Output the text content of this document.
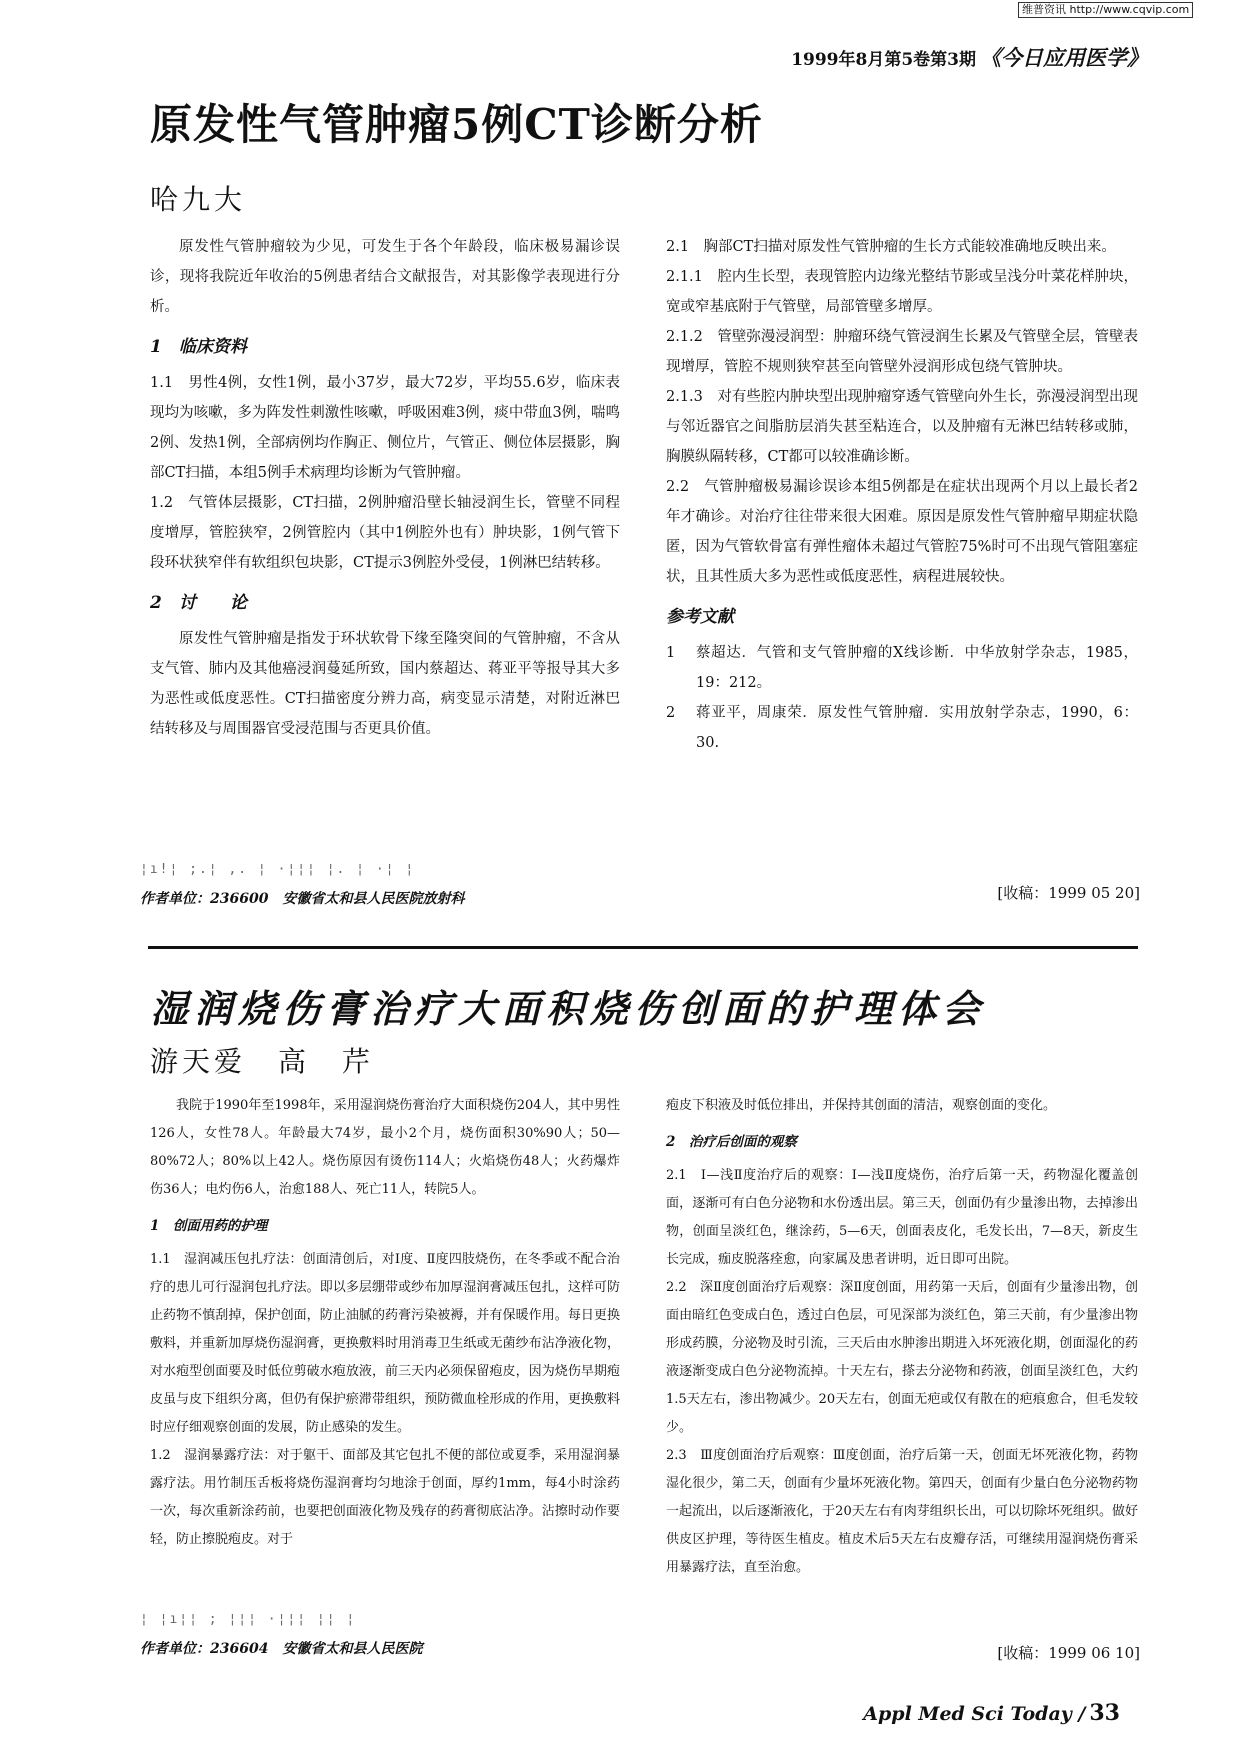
维普资讯 http://www.cqvip.com
1999年8月第5卷第3期 《今日应用医学》
原发性气管肿瘤5例CT诊断分析
哈九大

原发性气管肿瘤较为少见，可发生于各个年龄段，临床极易漏诊误诊，现将我院近年收治的5例患者结合文献报告，对其影像学表现进行分析。

1　临床资料

1.1　男性4例，女性1例，最小37岁，最大72岁，平均55.6岁，临床表现均为咳嗽，多为阵发性刺激性咳嗽，呼吸困难3例，痰中带血3例，喘鸣2例、发热1例，全部病例均作胸正、侧位片，气管正、侧位体层摄影，胸部CT扫描，本组5例手术病理均诊断为气管肿瘤。

1.2　气管体层摄影，CT扫描，2例肿瘤沿壁长轴浸润生长，管壁不同程度增厚，管腔狭窄，2例管腔内（其中1例腔外也有）肿块影，1例气管下段环状狭窄伴有软组织包块影，CT提示3例腔外受侵，1例淋巴结转移。

2　讨　　论

原发性气管肿瘤是指发于环状软骨下缘至隆突间的气管肿瘤，不含从支气管、肺内及其他癌浸润蔓延所致，国内蔡超达、蒋亚平等报导其大多为恶性或低度恶性。CT扫描密度分辨力高，病变显示清楚，对附近淋巴结转移及与周围器官受浸范围与否更具价值。

¦ı!¦ ;.¦ ,. ¦ ·¦¦¦ ¦. ¦ ·¦ ¦
作者单位：236600　安徽省太和县人民医院放射科

2.1　胸部CT扫描对原发性气管肿瘤的生长方式能较准确地反映出来。

2.1.1　腔内生长型，表现管腔内边缘光整结节影或呈浅分叶菜花样肿块，宽或窄基底附于气管壁，局部管壁多增厚。

2.1.2　管壁弥漫浸润型：肿瘤环绕气管浸润生长累及气管壁全层，管壁表现增厚，管腔不规则狭窄甚至向管壁外浸润形成包绕气管肿块。

2.1.3　对有些腔内肿块型出现肿瘤穿透气管壁向外生长，弥漫浸润型出现与邻近器官之间脂肪层消失甚至粘连合，以及肿瘤有无淋巴结转移或肺，胸膜纵隔转移，CT都可以较准确诊断。

2.2　气管肿瘤极易漏诊误诊本组5例都是在症状出现两个月以上最长者2年才确诊。对治疗往往带来很大困难。原因是原发性气管肿瘤早期症状隐匿，因为气管软骨富有弹性瘤体未超过气管腔75%时可不出现气管阻塞症状，且其性质大多为恶性或低度恶性，病程进展较快。

参考文献
1	蔡超达．气管和支气管肿瘤的X线诊断．中华放射学杂志，1985，19：212。
2	蒋亚平，周康荣．原发性气管肿瘤．实用放射学杂志，1990，6：30.
[收稿：1999 05 20]
湿润烧伤膏治疗大面积烧伤创面的护理体会
游天爱　高　芹

我院于1990年至1998年，采用湿润烧伤膏治疗大面积烧伤204人，其中男性126人，女性78人。年龄最大74岁，最小2个月，烧伤面积30%90人；50—80%72人；80%以上42人。烧伤原因有烫伤114人；火焰烧伤48人；火药爆炸伤36人；电灼伤6人，治愈188人、死亡11人，转院5人。

1　创面用药的护理

1.1　湿润减压包扎疗法：创面清创后，对Ⅰ度、Ⅱ度四肢烧伤，在冬季或不配合治疗的患儿可行湿润包扎疗法。即以多层绷带或纱布加厚湿润膏减压包扎，这样可防止药物不慎刮掉，保护创面，防止油腻的药膏污染被褥，并有保暖作用。每日更换敷料，并重新加厚烧伤湿润膏，更换敷料时用消毒卫生纸或无菌纱布沾净液化物，对水疱型创面要及时低位剪破水疱放液，前三天内必须保留疱皮，因为烧伤早期疱皮虽与皮下组织分离，但仍有保护瘀滞带组织，预防微血栓形成的作用，更换敷料时应仔细观察创面的发展，防止感染的发生。

1.2　湿润暴露疗法：对于躯干、面部及其它包扎不便的部位或夏季，采用湿润暴露疗法。用竹制压舌板将烧伤湿润膏均匀地涂于创面，厚约1mm，每4小时涂药一次，每次重新涂药前，也要把创面液化物及残存的药膏彻底沾净。沾擦时动作要轻，防止擦脱疱皮。对于

¦ ¦ı¦¦ ; ¦¦¦ ·¦¦¦ ¦¦ ¦
作者单位：236604　安徽省太和县人民医院

疱皮下积液及时低位排出，并保持其创面的清洁，观察创面的变化。

2　治疗后创面的观察

2.1　Ⅰ—浅Ⅱ度治疗后的观察：Ⅰ—浅Ⅱ度烧伤，治疗后第一天，药物湿化覆盖创面，逐渐可有白色分泌物和水份透出层。第三天，创面仍有少量渗出物，去掉渗出物，创面呈淡红色，继涂药，5—6天，创面表皮化，毛发长出，7—8天，新皮生长完成，痂皮脱落痊愈，向家属及患者讲明，近日即可出院。

2.2　深Ⅱ度创面治疗后观察：深Ⅱ度创面，用药第一天后，创面有少量渗出物，创面由暗红色变成白色，透过白色层，可见深部为淡红色，第三天前，有少量渗出物形成药膜，分泌物及时引流，三天后由水肿渗出期进入坏死液化期，创面湿化的药液逐渐变成白色分泌物流掉。十天左右，搽去分泌物和药液，创面呈淡红色，大约1.5天左右，渗出物减少。20天左右，创面无疤或仅有散在的疤痕愈合，但毛发较少。

2.3　Ⅲ度创面治疗后观察：Ⅲ度创面，治疗后第一天，创面无坏死液化物，药物湿化很少，第二天，创面有少量坏死液化物。第四天，创面有少量白色分泌物药物一起流出，以后逐渐液化，于20天左右有肉芽组织长出，可以切除坏死组织。做好供皮区护理，等待医生植皮。植皮术后5天左右皮瓣存活，可继续用湿润烧伤膏采用暴露疗法，直至治愈。

[收稿：1999 06 10]
Appl Med Sci Today / 33
